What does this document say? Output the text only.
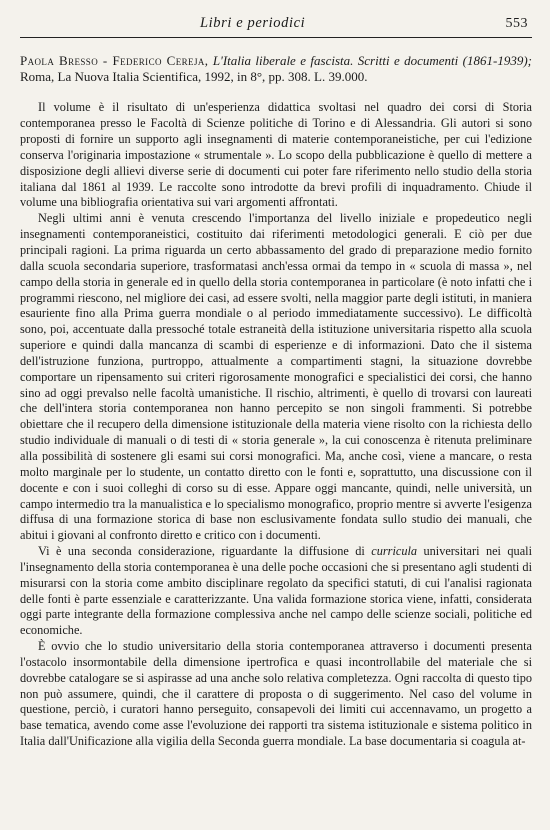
Libri e periodici	553
Paola Bresso - Federico Cereja, L'Italia liberale e fascista. Scritti e documenti (1861-1939); Roma, La Nuova Italia Scientifica, 1992, in 8°, pp. 308. L. 39.000.

Il volume è il risultato di un'esperienza didattica svoltasi nel quadro dei corsi di Storia contemporanea presso le Facoltà di Scienze politiche di Torino e di Alessandria. Gli autori si sono proposti di fornire un supporto agli insegnamenti di materie contemporaneistiche, per cui l'edizione conserva l'originaria impostazione « strumentale ». Lo scopo della pubblicazione è quello di mettere a disposizione degli allievi diverse serie di documenti cui poter fare riferimento nello studio della storia italiana dal 1861 al 1939. Le raccolte sono introdotte da brevi profili di inquadramento. Chiude il volume una bibliografia orientativa sui vari argomenti affrontati.

Negli ultimi anni è venuta crescendo l'importanza del livello iniziale e propedeutico negli insegnamenti contemporaneistici, costituito dai riferimenti metodologici generali. E ciò per due principali ragioni. La prima riguarda un certo abbassamento del grado di preparazione medio fornito dalla scuola secondaria superiore, trasformatasi anch'essa ormai da tempo in « scuola di massa », nel campo della storia in generale ed in quello della storia contemporanea in particolare (è noto infatti che i programmi riescono, nel migliore dei casi, ad essere svolti, nella maggior parte degli istituti, in maniera esauriente fino alla Prima guerra mondiale o al periodo immediatamente successivo). Le difficoltà sono, poi, accentuate dalla pressoché totale estraneità della istituzione universitaria rispetto alla scuola superiore e quindi dalla mancanza di scambi di esperienze e di informazioni. Dato che il sistema dell'istruzione funziona, purtroppo, attualmente a compartimenti stagni, la situazione dovrebbe comportare un ripensamento sui criteri rigorosamente monografici e specialistici dei corsi, che hanno sino ad oggi prevalso nelle facoltà umanistiche. Il rischio, altrimenti, è quello di trovarsi con laureati che dell'intera storia contemporanea non hanno percepito se non singoli frammenti. Si potrebbe obiettare che il recupero della dimensione istituzionale della materia viene risolto con la richiesta dello studio individuale di manuali o di testi di « storia generale », la cui conoscenza è ritenuta preliminare alla possibilità di sostenere gli esami sui corsi monografici. Ma, anche così, viene a mancare, o resta molto marginale per lo studente, un contatto diretto con le fonti e, soprattutto, una discussione con il docente e con i suoi colleghi di corso su di esse. Appare oggi mancante, quindi, nelle università, un campo intermedio tra la manualistica e lo specialismo monografico, proprio mentre si avverte l'esigenza diffusa di una formazione storica di base non esclusivamente fondata sullo studio dei manuali, che abitui i giovani al confronto diretto e critico con i documenti.

Vi è una seconda considerazione, riguardante la diffusione di curricula universitari nei quali l'insegnamento della storia contemporanea è una delle poche occasioni che si presentano agli studenti di misurarsi con la storia come ambito disciplinare regolato da specifici statuti, di cui l'analisi ragionata delle fonti è parte essenziale e caratterizzante. Una valida formazione storica viene, infatti, considerata oggi parte integrante della formazione complessiva anche nel campo delle scienze sociali, politiche ed economiche.

È ovvio che lo studio universitario della storia contemporanea attraverso i documenti presenta l'ostacolo insormontabile della dimensione ipertrofica e quasi incontrollabile del materiale che si dovrebbe catalogare se si aspirasse ad una anche solo relativa completezza. Ogni raccolta di questo tipo non può assumere, quindi, che il carattere di proposta o di suggerimento. Nel caso del volume in questione, perciò, i curatori hanno perseguito, consapevoli dei limiti cui accennavamo, un progetto a base tematica, avendo come asse l'evoluzione dei rapporti tra sistema istituzionale e sistema politico in Italia dall'Unificazione alla vigilia della Seconda guerra mondiale. La base documentaria si coagula at-
